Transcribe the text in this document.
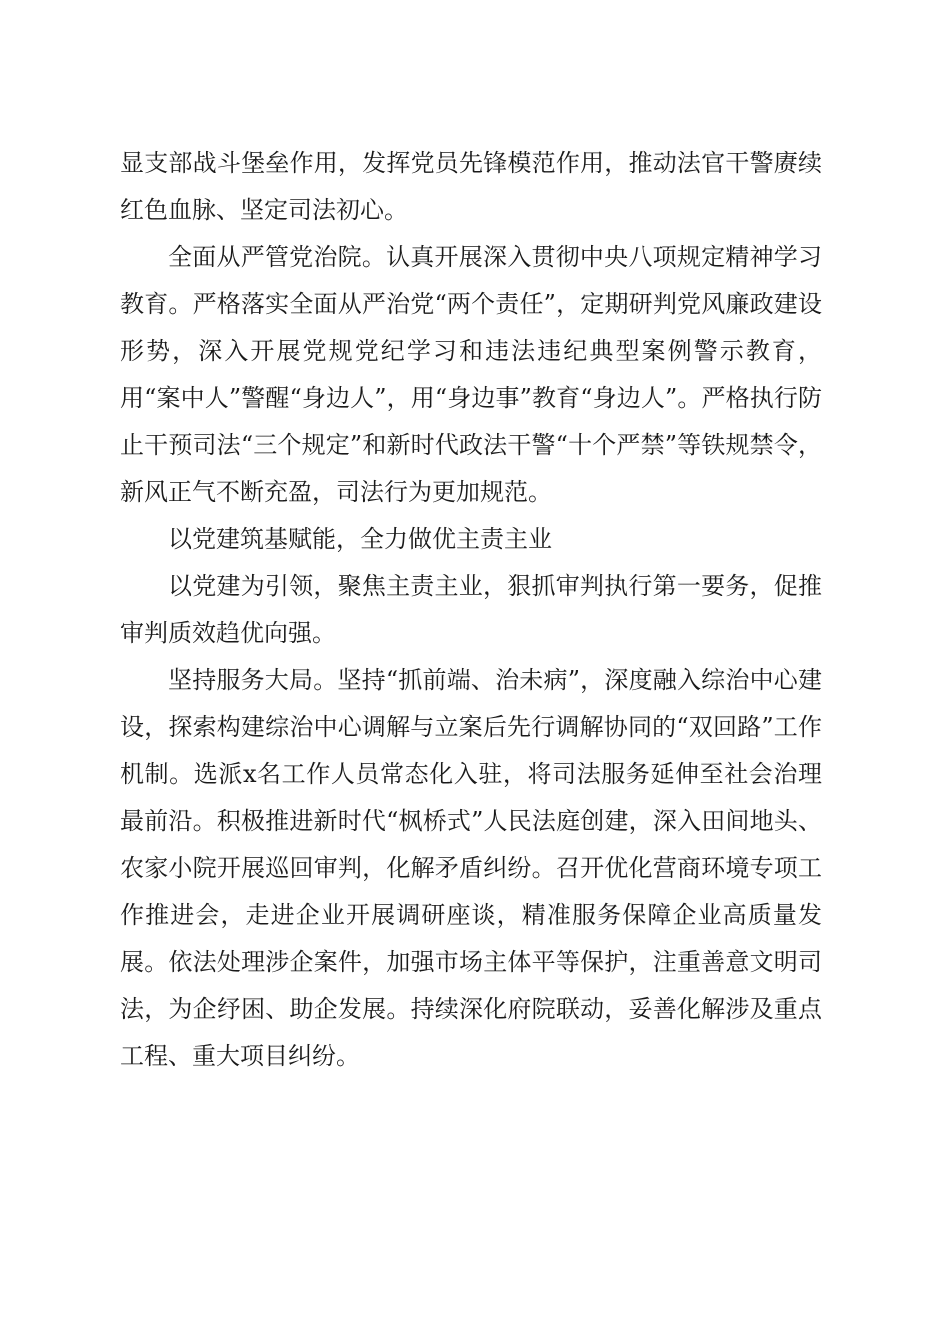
显支部战斗堡垒作用，发挥党员先锋模范作用，推动法官干警赓续红色血脉、坚定司法初心。

全面从严管党治院。认真开展深入贯彻中央八项规定精神学习教育。严格落实全面从严治党“两个责任”，定期研判党风廉政建设形势，深入开展党规党纪学习和违法违纪典型案例警示教育，用“案中人”警醒“身边人”，用“身边事”教育“身边人”。严格执行防止干预司法“三个规定”和新时代政法干警“十个严禁”等铁规禁令，新风正气不断充盈，司法行为更加规范。

以党建筑基赋能，全力做优主责主业

以党建为引领，聚焦主责主业，狠抓审判执行第一要务，促推审判质效趋优向强。

坚持服务大局。坚持“抓前端、治未病”，深度融入综治中心建设，探索构建综治中心调解与立案后先行调解协同的“双回路”工作机制。选派x名工作人员常态化入驻，将司法服务延伸至社会治理最前沿。积极推进新时代“枫桥式”人民法庭创建，深入田间地头、农家小院开展巡回审判，化解矛盾纠纷。召开优化营商环境专项工作推进会，走进企业开展调研座谈，精准服务保障企业高质量发展。依法处理涉企案件，加强市场主体平等保护，注重善意文明司法，为企纾困、助企发展。持续深化府院联动，妥善化解涉及重点工程、重大项目纠纷。
